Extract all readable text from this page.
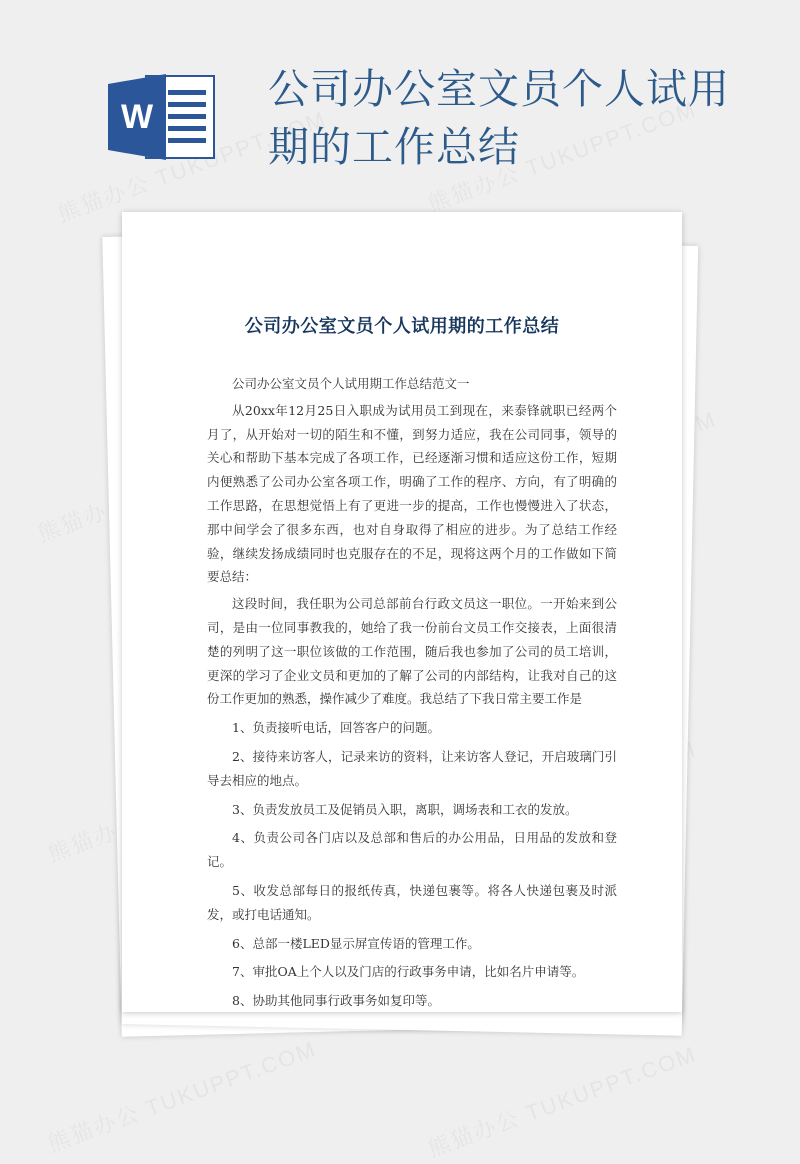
W
公司办公室文员个人试用期的工作总结
公司办公室文员个人试用期的工作总结

公司办公室文员个人试用期工作总结范文一

从20xx年12月25日入职成为试用员工到现在，来泰锋就职已经两个月了，从开始对一切的陌生和不懂，到努力适应，我在公司同事，领导的关心和帮助下基本完成了各项工作，已经逐渐习惯和适应这份工作，短期内便熟悉了公司办公室各项工作，明确了工作的程序、方向，有了明确的工作思路，在思想觉悟上有了更进一步的提高，工作也慢慢进入了状态，那中间学会了很多东西，也对自身取得了相应的进步。为了总结工作经验，继续发扬成绩同时也克服存在的不足，现将这两个月的工作做如下简要总结：

这段时间，我任职为公司总部前台行政文员这一职位。一开始来到公司，是由一位同事教我的，她给了我一份前台文员工作交接表，上面很清楚的列明了这一职位该做的工作范围，随后我也参加了公司的员工培训，更深的学习了企业文员和更加的了解了公司的内部结构，让我对自己的这份工作更加的熟悉，操作减少了难度。我总结了下我日常主要工作是

1、负责接听电话，回答客户的问题。

2、接待来访客人，记录来访的资料，让来访客人登记，开启玻璃门引导去相应的地点。

3、负责发放员工及促销员入职，离职，调场表和工衣的发放。

4、负责公司各门店以及总部和售后的办公用品，日用品的发放和登记。

5、收发总部每日的报纸传真，快递包裹等。将各人快递包裹及时派发，或打电话通知。

6、总部一楼LED显示屏宣传语的管理工作。

7、审批OA上个人以及门店的行政事务申请，比如名片申请等。

8、协助其他同事行政事务如复印等。
